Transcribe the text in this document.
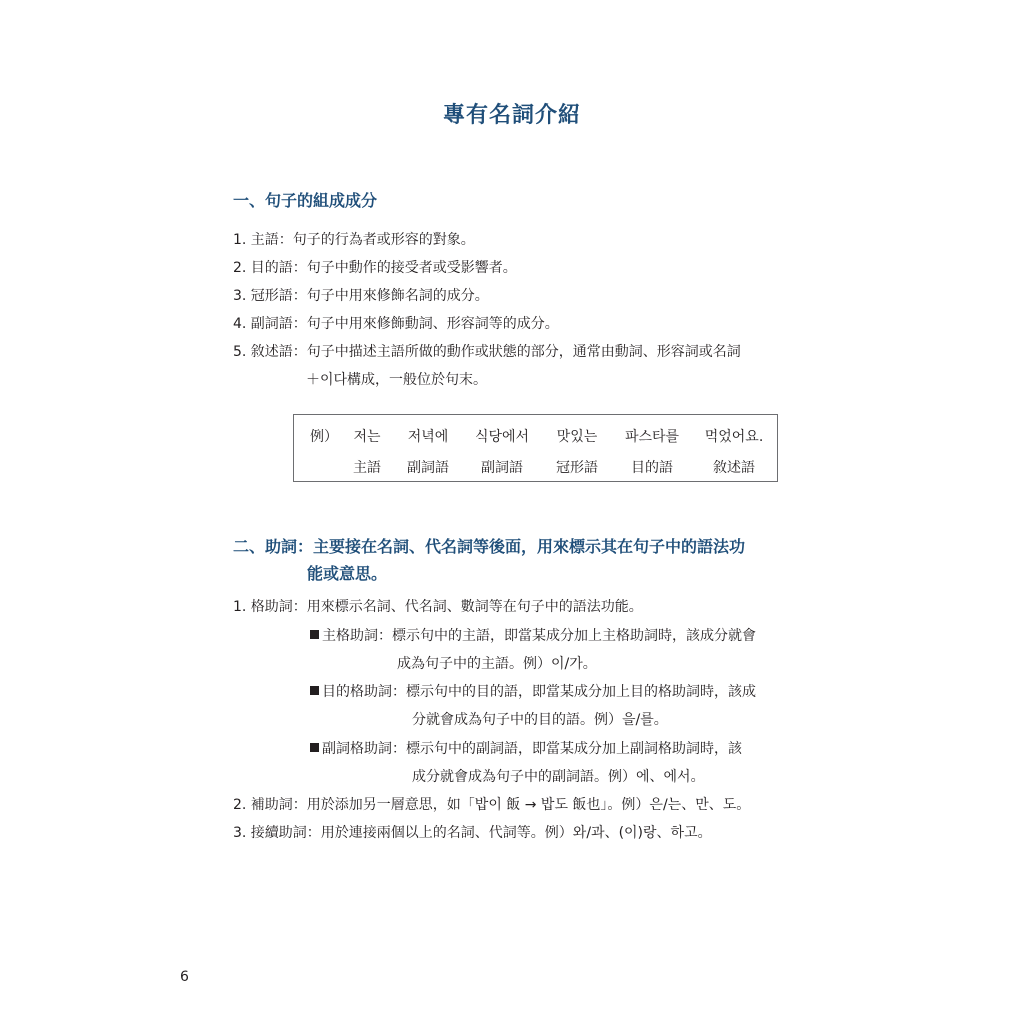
專有名詞介紹
一、句子的組成成分
1. 主語：句子的行為者或形容的對象。
2. 目的語：句子中動作的接受者或受影響者。
3. 冠形語：句子中用來修飾名詞的成分。
4. 副詞語：句子中用來修飾動詞、形容詞等的成分。
5. 敘述語：句子中描述主語所做的動作或狀態的部分，通常由動詞、形容詞或名詞
＋이다構成，一般位於句末。
例） 저는 저녁에 식당에서 맛있는 파스타를 먹었어요.
主語 副詞語 副詞語 冠形語 目的語	敘述語
二、助詞：主要接在名詞、代名詞等後面，用來標示其在句子中的語法功
能或意思。
1. 格助詞：用來標示名詞、代名詞、數詞等在句子中的語法功能。
主格助詞：標示句中的主語，即當某成分加上主格助詞時，該成分就會
成為句子中的主語。例）이/가。
目的格助詞：標示句中的目的語，即當某成分加上目的格助詞時，該成
分就會成為句子中的目的語。例）을/를。
副詞格助詞：標示句中的副詞語，即當某成分加上副詞格助詞時，該
成分就會成為句子中的副詞語。例）에、에서。
2. 補助詞：用於添加另一層意思，如「밥이 飯 → 밥도 飯也」。例）은/는、만、도。
3. 接續助詞：用於連接兩個以上的名詞、代詞等。例）와/과、(이)랑、하고。
6
